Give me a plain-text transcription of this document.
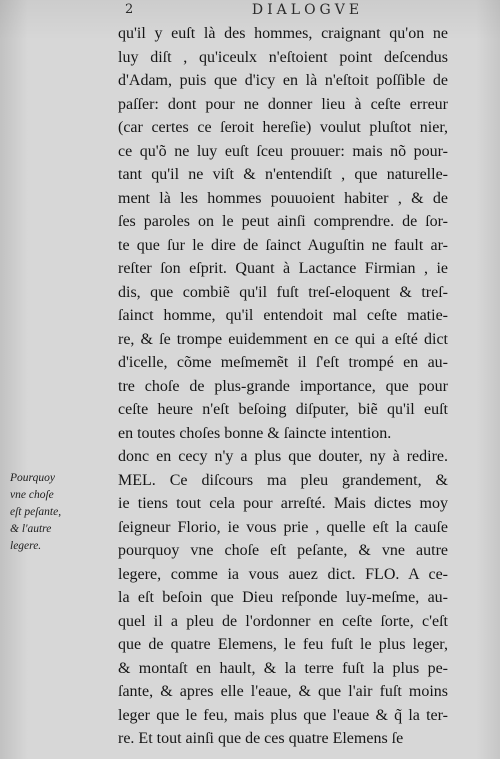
2	DIALOGVE
qu'il y euſt là des hommes, craignant qu'on ne
luy diſt , qu'iceulx n'eſtoient point deſcendus
d'Adam, puis que d'icy en là n'eſtoit poſſible de
paſſer: dont pour ne donner lieu à ceſte erreur
(car certes ce ſeroit hereſie) voulut pluſtot nier,
ce qu'õ ne luy euſt ſceu prouuer: mais nõ pour-
tant qu'il ne viſt & n'entendiſt , que naturelle-
ment là les hommes pouuoient habiter , & de
ſes paroles on le peut ainſi comprendre. de ſor-
te que ſur le dire de ſainct Auguſtin ne fault ar-
reſter ſon eſprit. Quant à Lactance Firmian , ie
dis, que combiẽ qu'il fuſt treſ-eloquent & treſ-
ſainct homme, qu'il entendoit mal ceſte matie-
re, & ſe trompe euidemment en ce qui a eſté dict
d'icelle, cõme meſmemẽt il ſ'eſt trompé en au-
tre choſe de plus-grande importance, que pour
ceſte heure n'eſt beſoing diſputer, biẽ qu'il euſt
en toutes choſes bonne & ſaincte intention.
donc en cecy n'y a plus que douter, ny à redire.
MEL. Ce diſcours ma pleu grandement, &
ie tiens tout cela pour arreſté. Mais dictes moy
ſeigneur Florio, ie vous prie , quelle eſt la cauſe
pourquoy vne choſe eſt peſante, & vne autre
legere, comme ia vous auez dict. FLO. A ce-
la eſt beſoin que Dieu reſponde luy-meſme, au-
quel il a pleu de l'ordonner en ceſte ſorte, c'eſt
que de quatre Elemens, le feu fuſt le plus leger,
& montaſt en hault, & la terre fuſt la plus pe-
ſante, & apres elle l'eaue, & que l'air fuſt moins
leger que le feu, mais plus que l'eaue & q̃ la ter-
re. Et tout ainſi que de ces quatre Elemens ſe
Pourquoy
vne choſe
eſt peſante,
& l'autre
legere.
